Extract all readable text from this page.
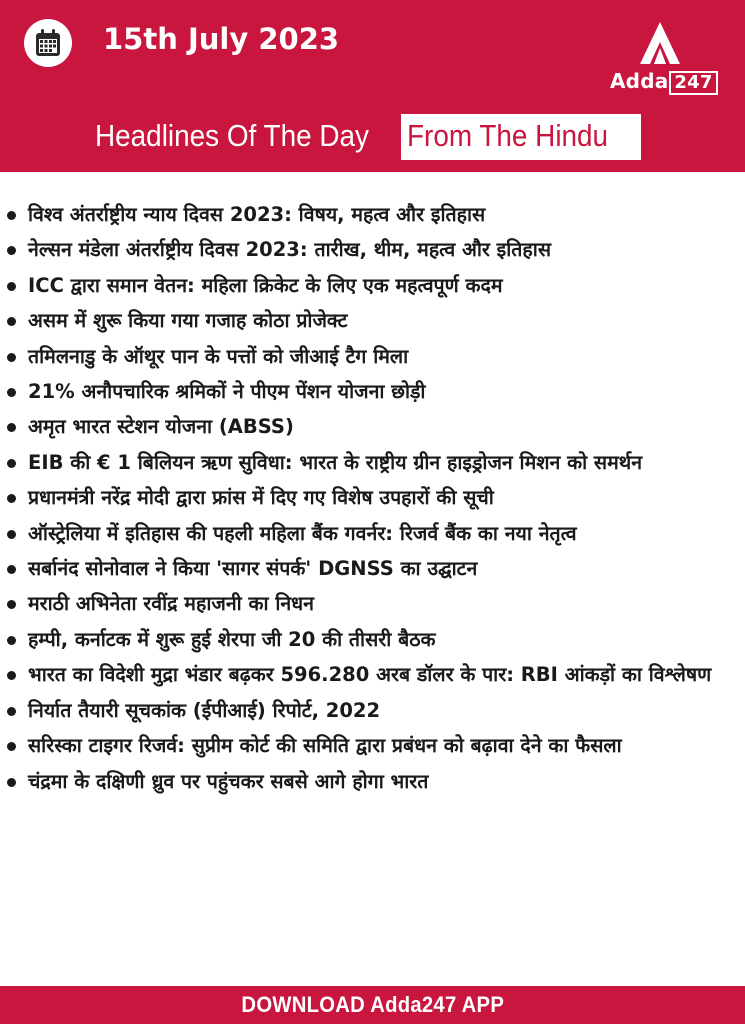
15th July 2023
Adda 247
Headlines Of The Day From The Hindu
विश्व अंतर्राष्ट्रीय न्याय दिवस 2023: विषय, महत्व और इतिहास
नेल्सन मंडेला अंतर्राष्ट्रीय दिवस 2023: तारीख, थीम, महत्व और इतिहास
ICC द्वारा समान वेतन: महिला क्रिकेट के लिए एक महत्वपूर्ण कदम
असम में शुरू किया गया गजाह कोठा प्रोजेक्ट
तमिलनाडु के ऑथूर पान के पत्तों को जीआई टैग मिला
21% अनौपचारिक श्रमिकों ने पीएम पेंशन योजना छोड़ी
अमृत भारत स्टेशन योजना (ABSS)
EIB की € 1 बिलियन ऋण सुविधा: भारत के राष्ट्रीय ग्रीन हाइड्रोजन मिशन को समर्थन
प्रधानमंत्री नरेंद्र मोदी द्वारा फ्रांस में दिए गए विशेष उपहारों की सूची
ऑस्ट्रेलिया में इतिहास की पहली महिला बैंक गवर्नर: रिजर्व बैंक का नया नेतृत्व
सर्बानंद सोनोवाल ने किया 'सागर संपर्क' DGNSS का उद्घाटन
मराठी अभिनेता रवींद्र महाजनी का निधन
हम्पी, कर्नाटक में शुरू हुई शेरपा जी 20 की तीसरी बैठक
भारत का विदेशी मुद्रा भंडार बढ़कर 596.280 अरब डॉलर के पार: RBI आंकड़ों का विश्लेषण
निर्यात तैयारी सूचकांक (ईपीआई) रिपोर्ट, 2022
सरिस्का टाइगर रिजर्व: सुप्रीम कोर्ट की समिति द्वारा प्रबंधन को बढ़ावा देने का फैसला
चंद्रमा के दक्षिणी ध्रुव पर पहुंचकर सबसे आगे होगा भारत
DOWNLOAD Adda247 APP
